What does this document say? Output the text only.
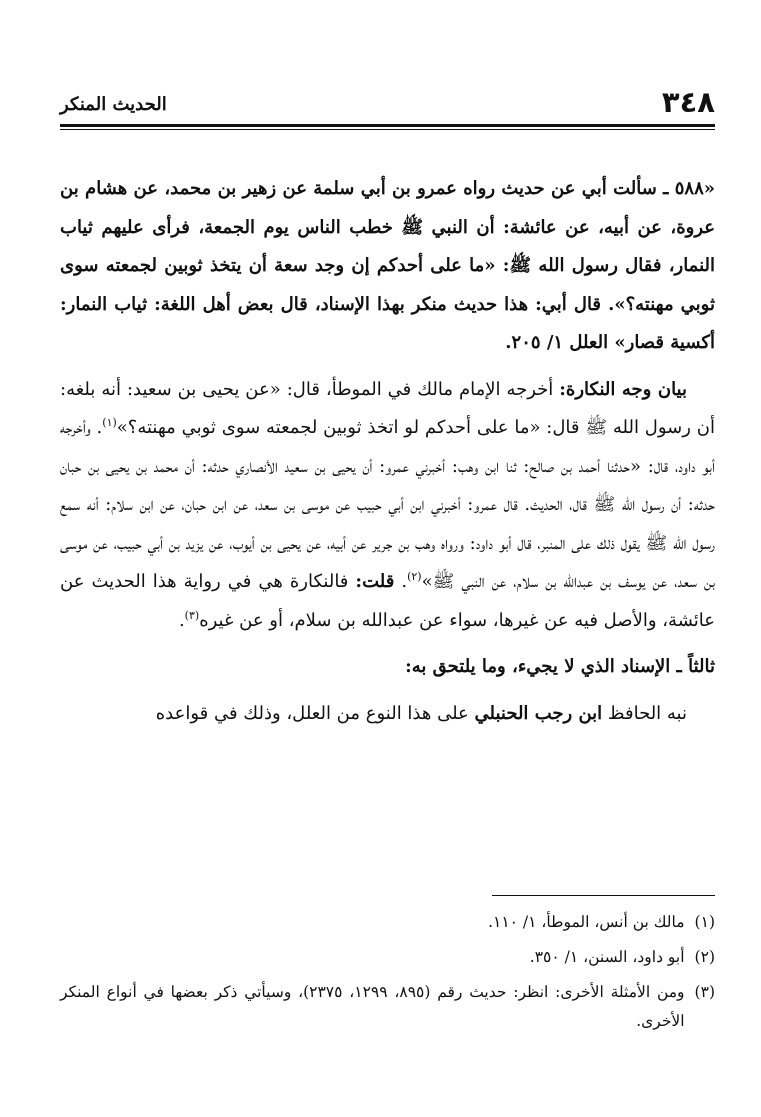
٣٤٨
الحديث المنكر

«٥٨٨ ـ سألت أبي عن حديث رواه عمرو بن أبي سلمة عن زهير بن محمد، عن هشام بن عروة، عن أبيه، عن عائشة: أن النبي ﷺ خطب الناس يوم الجمعة، فرأى عليهم ثياب النمار، فقال رسول الله ﷺ: «ما على أحدكم إن وجد سعة أن يتخذ ثوبين لجمعته سوى ثوبي مهنته؟». قال أبي: هذا حديث منكر بهذا الإسناد، قال بعض أهل اللغة: ثياب النمار: أكسية قصار» العلل ١/ ٢٠٥.

بيان وجه النكارة: أخرجه الإمام مالك في الموطأ، قال: «عن يحيى بن سعيد: أنه بلغه: أن رسول الله ﷺ قال: «ما على أحدكم لو اتخذ ثوبين لجمعته سوى ثوبي مهنته؟»$^{(١)}$. وأخرجه أبو داود، قال: «حدثنا أحمد بن صالح: ثنا ابن وهب: أخبرني عمرو: أن يحيى بن سعيد الأنصاري حدثه: أن محمد بن يحيى بن حبان حدثه: أن رسول الله ﷺ قال، الحديث. قال عمرو: أخبرني ابن أبي حبيب عن موسى بن سعد، عن ابن حبان، عن ابن سلام: أنه سمع رسول الله ﷺ يقول ذلك على المنبر، قال أبو داود: ورواه وهب بن جرير عن أبيه، عن يحيى بن أيوب، عن يزيد بن أبي حبيب، عن موسى بن سعد، عن يوسف بن عبدالله بن سلام، عن النبي ﷺ»$^{(٢)}$. قلت: فالنكارة هي في رواية هذا الحديث عن عائشة، والأصل فيه عن غيرها، سواء عن عبدالله بن سلام، أو عن غيره$^{(٣)}$.

ثالثاً ـ الإسناد الذي لا يجيء، وما يلتحق به:

نبه الحافظ ابن رجب الحنبلي على هذا النوع من العلل، وذلك في قواعده

(١)
مالك بن أنس، الموطأ، ١/ ١١٠.
(٢)
أبو داود، السنن، ١/ ٣٥٠.
(٣)
ومن الأمثلة الأخرى: انظر: حديث رقم (٨٩٥، ١٢٩٩، ٢٣٧٥)، وسيأتي ذكر بعضها في أنواع المنكر الأخرى.
